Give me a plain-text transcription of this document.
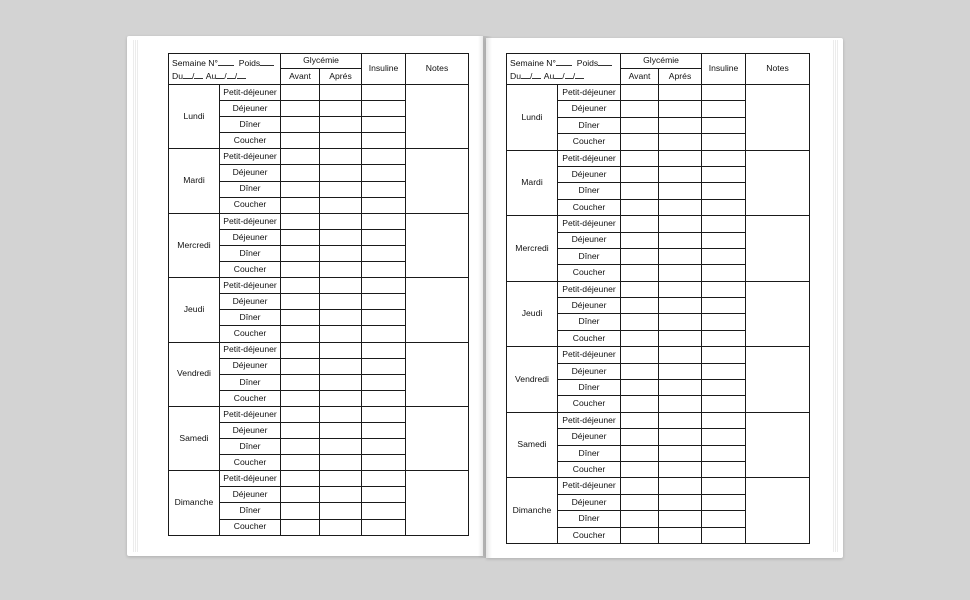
Semaine N° Poids
Du / Au / /		Glycémie		Insuline	Notes
		Avant	Aprés		
Lundi	Petit-déjeuner				
	Déjeuner				
	Dîner				
	Coucher				
Mardi	Petit-déjeuner				
	Déjeuner				
	Dîner				
	Coucher				
Mercredi	Petit-déjeuner				
	Déjeuner				
	Dîner				
	Coucher				
Jeudi	Petit-déjeuner				
	Déjeuner				
	Dîner				
	Coucher				
Vendredi	Petit-déjeuner				
	Déjeuner				
	Dîner				
	Coucher				
Samedi	Petit-déjeuner				
	Déjeuner				
	Dîner				
	Coucher				
Dimanche	Petit-déjeuner				
	Déjeuner				
	Dîner				
	Coucher				
Semaine N° Poids
Du / Au / /		Glycémie		Insuline	Notes
		Avant	Aprés		
Lundi	Petit-déjeuner				
	Déjeuner				
	Dîner				
	Coucher				
Mardi	Petit-déjeuner				
	Déjeuner				
	Dîner				
	Coucher				
Mercredi	Petit-déjeuner				
	Déjeuner				
	Dîner				
	Coucher				
Jeudi	Petit-déjeuner				
	Déjeuner				
	Dîner				
	Coucher				
Vendredi	Petit-déjeuner				
	Déjeuner				
	Dîner				
	Coucher				
Samedi	Petit-déjeuner				
	Déjeuner				
	Dîner				
	Coucher				
Dimanche	Petit-déjeuner				
	Déjeuner				
	Dîner				
	Coucher				
